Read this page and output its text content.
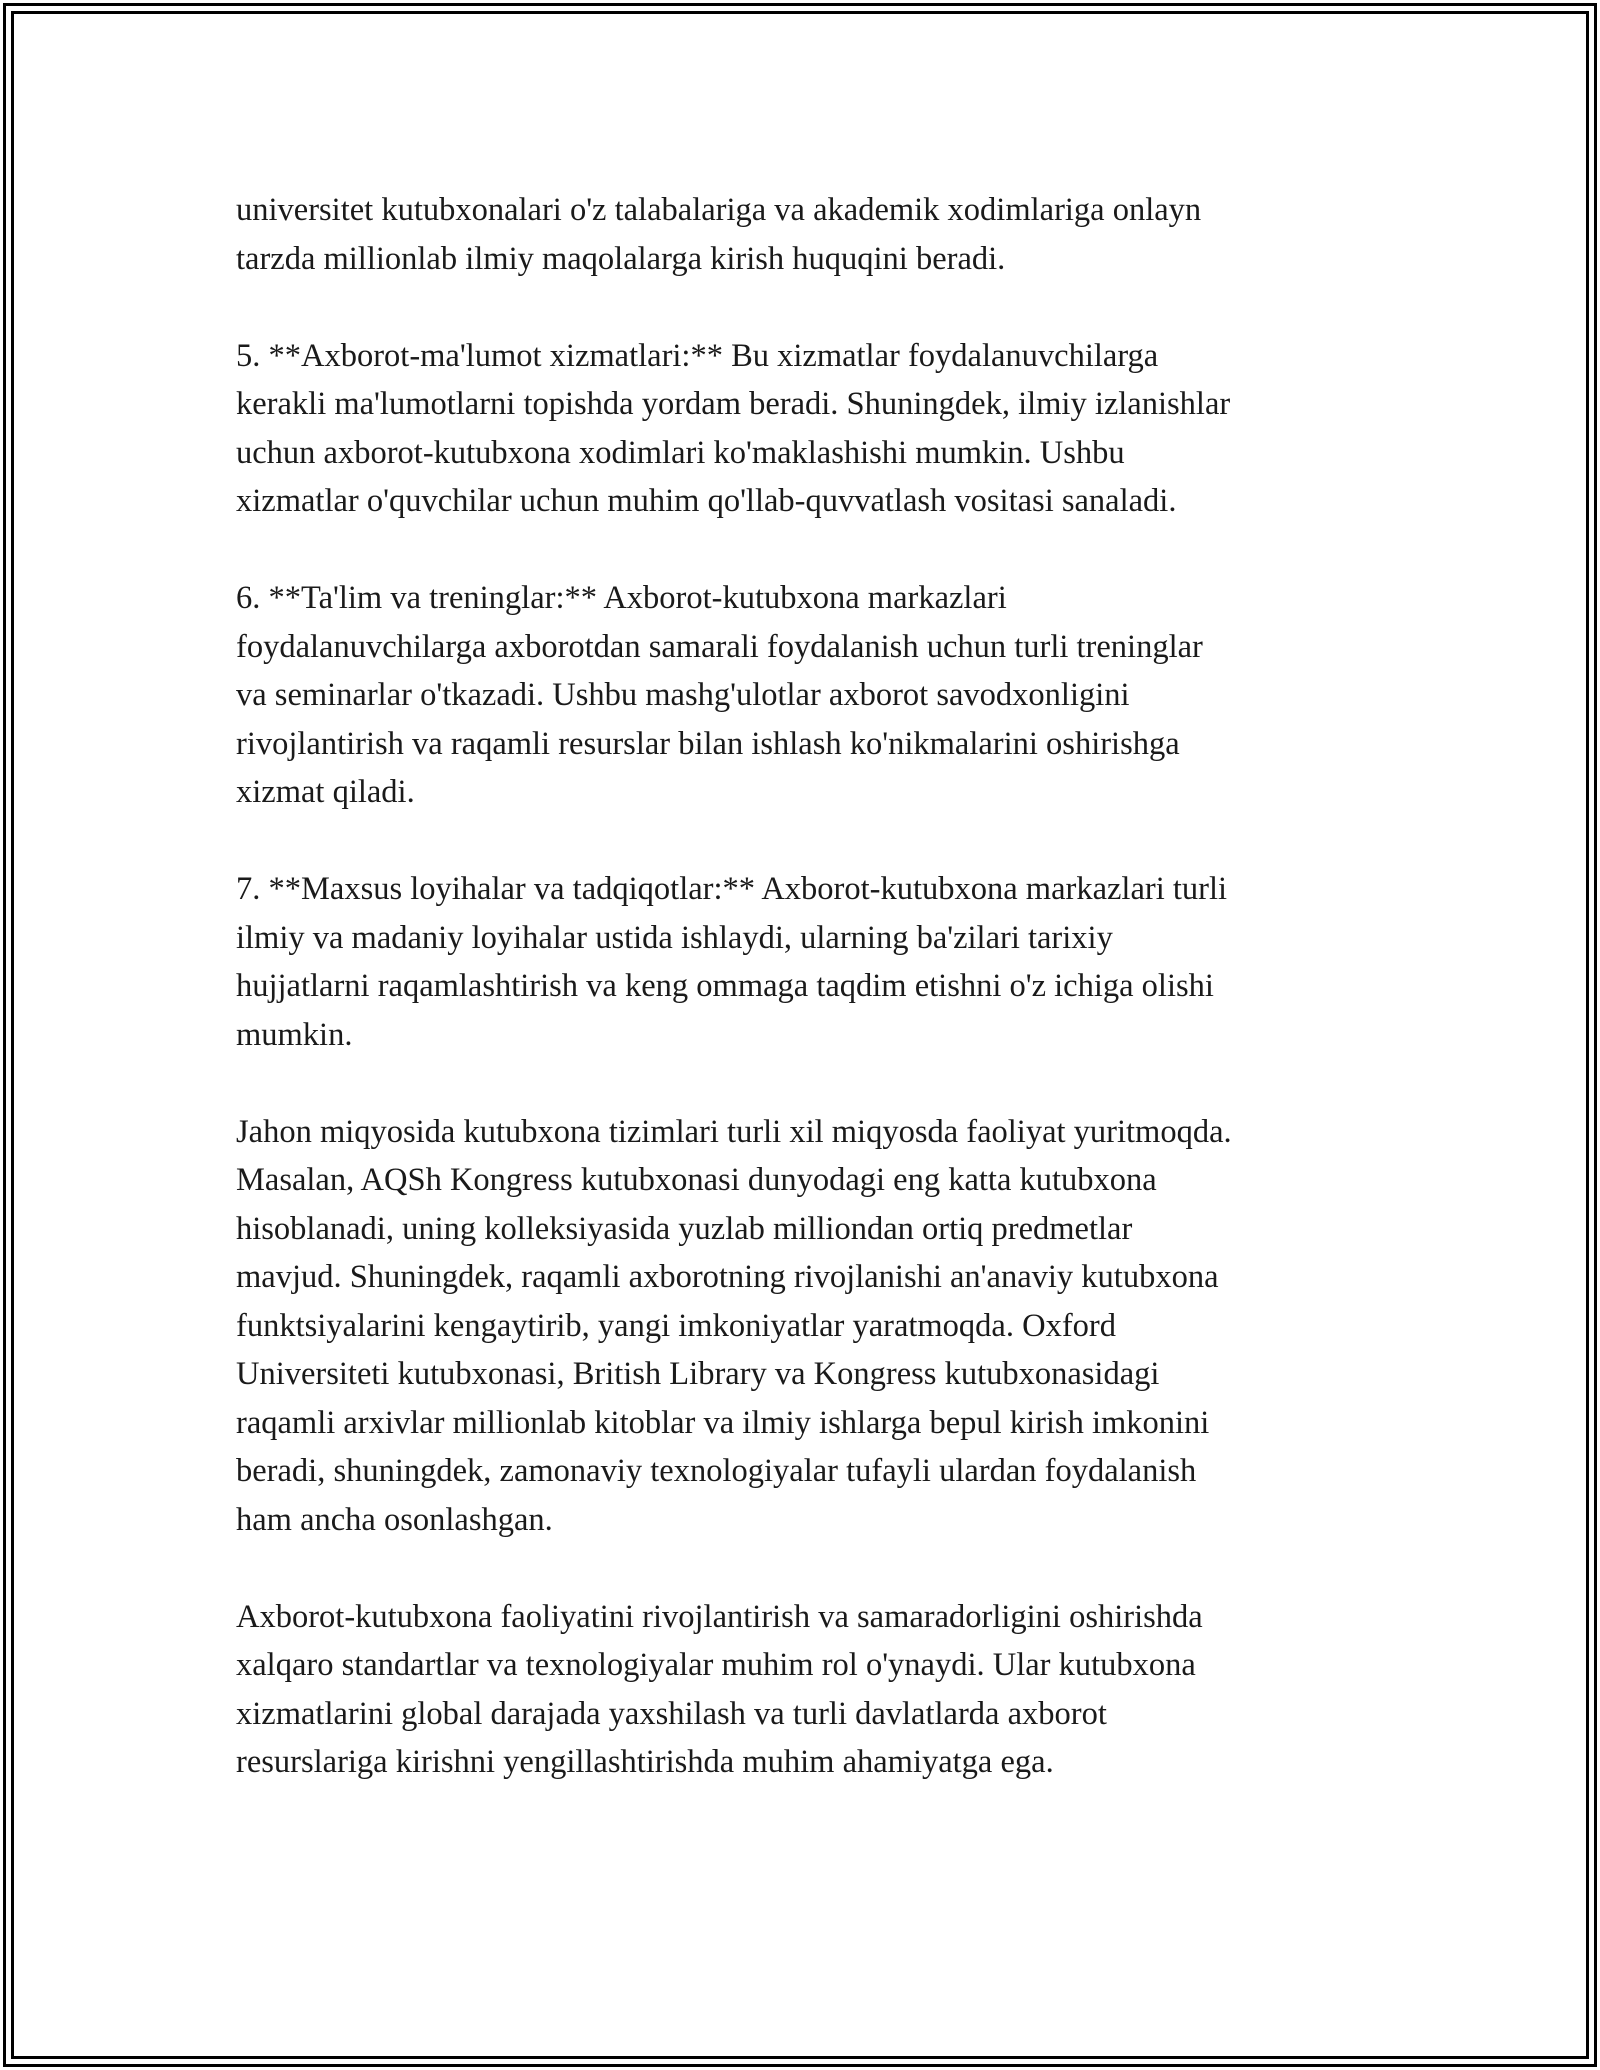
universitet kutubxonalari o'z talabalariga va akademik xodimlariga onlayn
tarzda millionlab ilmiy maqolalarga kirish huquqini beradi.

5. **Axborot-ma'lumot xizmatlari:** Bu xizmatlar foydalanuvchilarga
kerakli ma'lumotlarni topishda yordam beradi. Shuningdek, ilmiy izlanishlar
uchun axborot-kutubxona xodimlari ko'maklashishi mumkin. Ushbu
xizmatlar o'quvchilar uchun muhim qo'llab-quvvatlash vositasi sanaladi.

6. **Ta'lim va treninglar:** Axborot-kutubxona markazlari
foydalanuvchilarga axborotdan samarali foydalanish uchun turli treninglar
va seminarlar o'tkazadi. Ushbu mashg'ulotlar axborot savodxonligini
rivojlantirish va raqamli resurslar bilan ishlash ko'nikmalarini oshirishga
xizmat qiladi.

7. **Maxsus loyihalar va tadqiqotlar:** Axborot-kutubxona markazlari turli
ilmiy va madaniy loyihalar ustida ishlaydi, ularning ba'zilari tarixiy
hujjatlarni raqamlashtirish va keng ommaga taqdim etishni o'z ichiga olishi
mumkin.

Jahon miqyosida kutubxona tizimlari turli xil miqyosda faoliyat yuritmoqda.
Masalan, AQSh Kongress kutubxonasi dunyodagi eng katta kutubxona
hisoblanadi, uning kolleksiyasida yuzlab milliondan ortiq predmetlar
mavjud. Shuningdek, raqamli axborotning rivojlanishi an'anaviy kutubxona
funktsiyalarini kengaytirib, yangi imkoniyatlar yaratmoqda. Oxford
Universiteti kutubxonasi, British Library va Kongress kutubxonasidagi
raqamli arxivlar millionlab kitoblar va ilmiy ishlarga bepul kirish imkonini
beradi, shuningdek, zamonaviy texnologiyalar tufayli ulardan foydalanish
ham ancha osonlashgan.

Axborot-kutubxona faoliyatini rivojlantirish va samaradorligini oshirishda
xalqaro standartlar va texnologiyalar muhim rol o'ynaydi. Ular kutubxona
xizmatlarini global darajada yaxshilash va turli davlatlarda axborot
resurslariga kirishni yengillashtirishda muhim ahamiyatga ega.
